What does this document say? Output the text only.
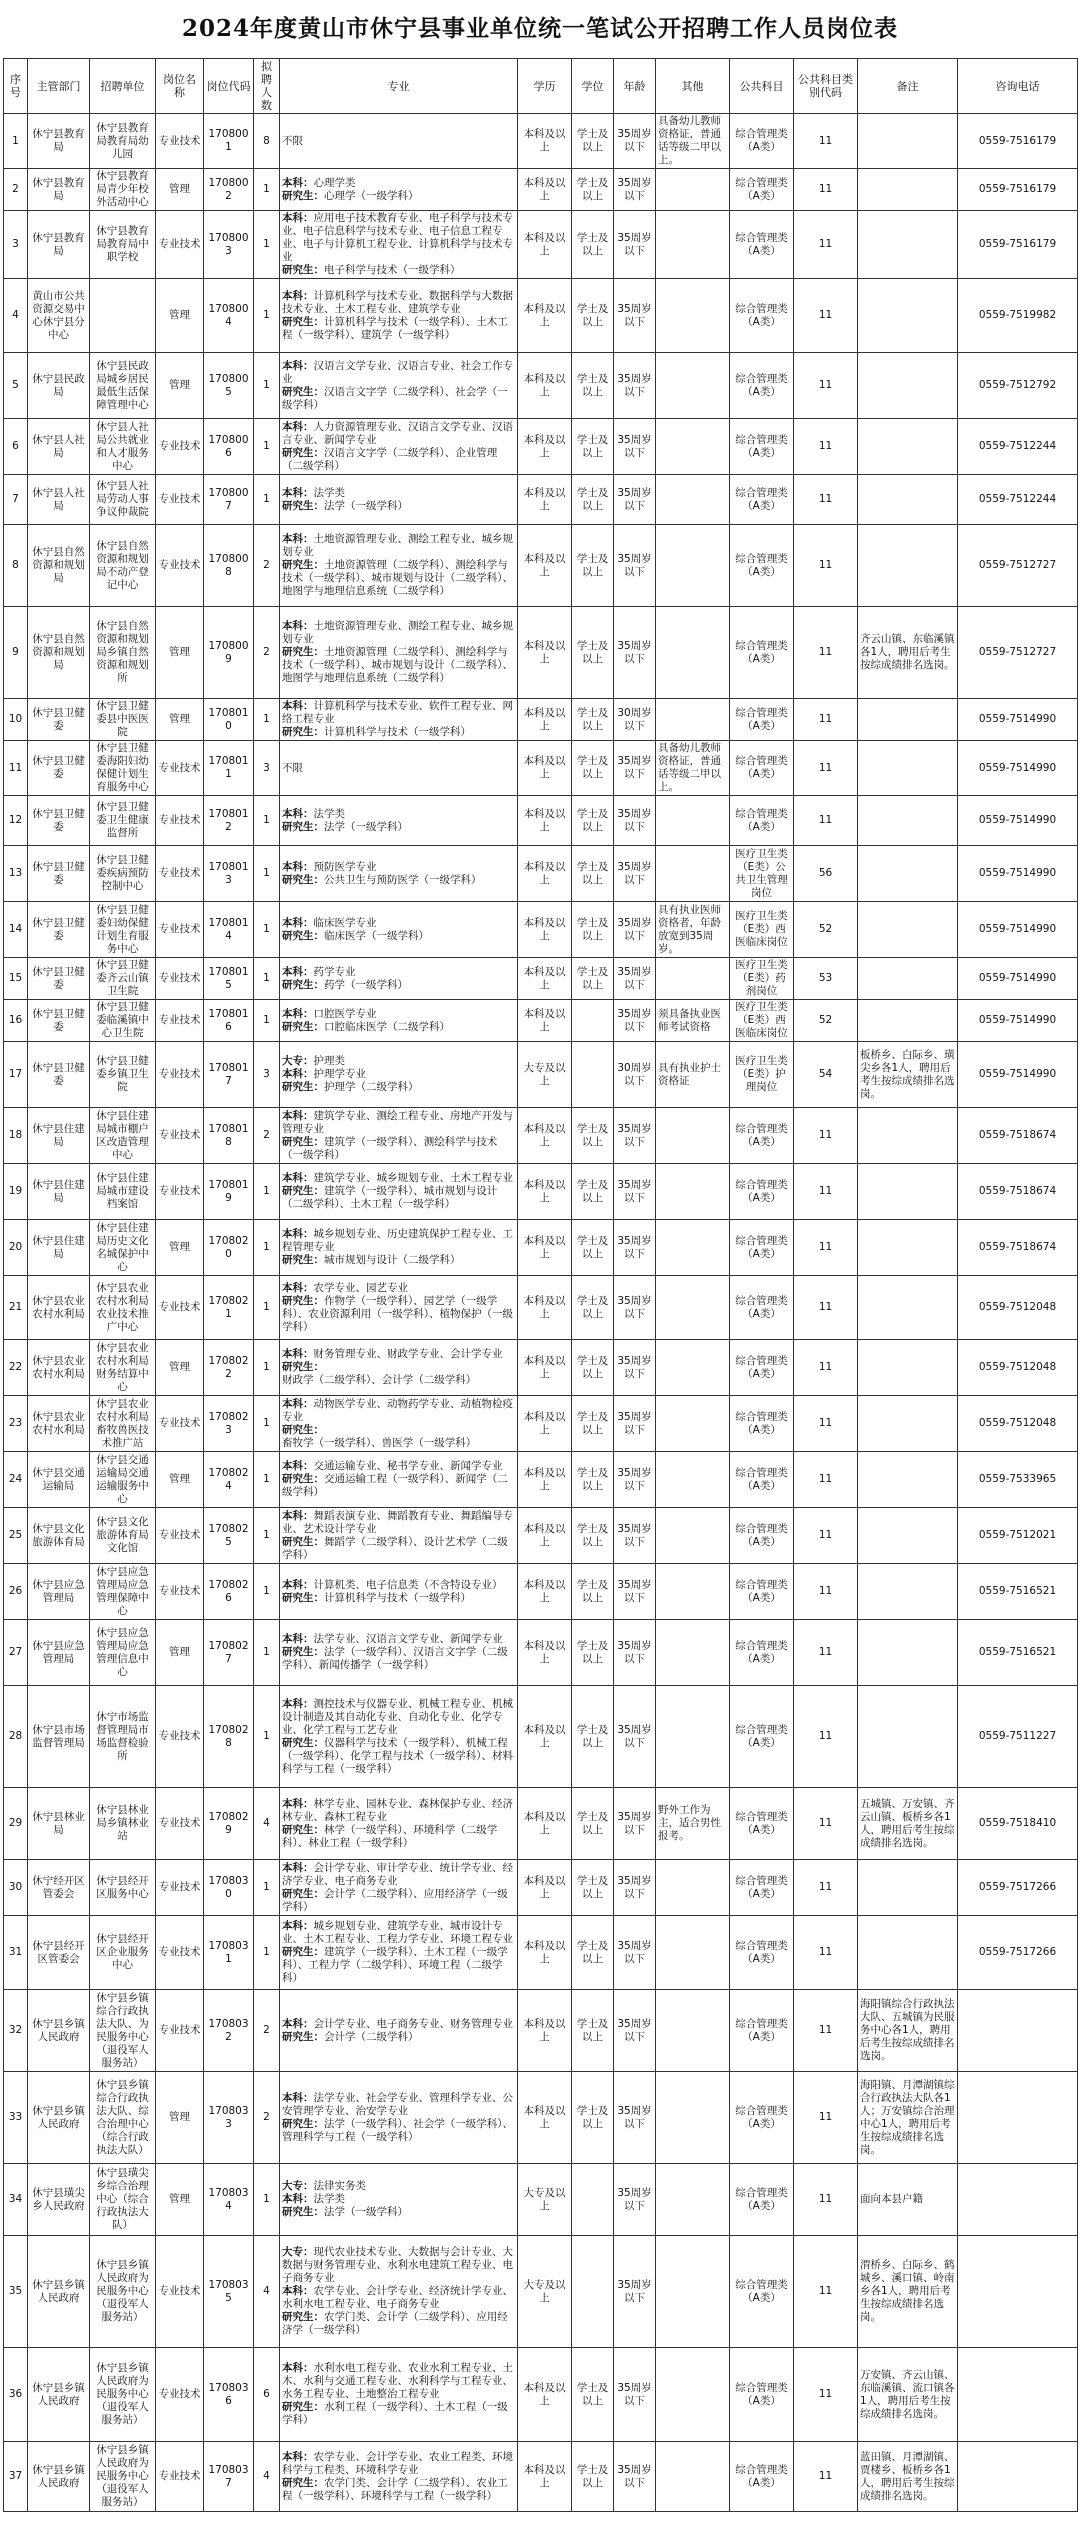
2024年度黄山市休宁县事业单位统一笔试公开招聘工作人员岗位表
序号	主管部门	招聘单位	岗位名称	岗位代码	拟聘人数	专业	学历	学位	年龄	其他	公共科目	公共科目类别代码	备注	咨询电话
1	休宁县教育局	休宁县教育局教育局幼儿园	专业技术	1708001	8	不限	本科及以上	学士及以上	35周岁以下	具备幼儿教师资格证，普通话等级二甲以上。	综合管理类（A类）	11		0559-7516179
2	休宁县教育局	休宁县教育局青少年校外活动中心	管理	1708002	1	本科：心理学类
研究生：心理学（一级学科）	本科及以上	学士及以上	35周岁以下		综合管理类（A类）	11		0559-7516179
3	休宁县教育局	休宁县教育局教育局中职学校	专业技术	1708003	1	本科：应用电子技术教育专业、电子科学与技术专业、电子信息科学与技术专业、电子信息工程专业、电子与计算机工程专业、计算机科学与技术专业
研究生：电子科学与技术（一级学科）	本科及以上	学士及以上	35周岁以下		综合管理类（A类）	11		0559-7516179
4	黄山市公共资源交易中心休宁县分中心		管理	1708004	1	本科：计算机科学与技术专业、数据科学与大数据技术专业、土木工程专业、建筑学专业
研究生：计算机科学与技术（一级学科）、土木工程（一级学科）、建筑学（一级学科）	本科及以上	学士及以上	35周岁以下		综合管理类（A类）	11		0559-7519982
5	休宁县民政局	休宁县民政局城乡居民最低生活保障管理中心	管理	1708005	1	本科：汉语言文学专业、汉语言专业、社会工作专业
研究生：汉语言文字学（二级学科）、社会学（一级学科）	本科及以上	学士及以上	35周岁以下		综合管理类（A类）	11		0559-7512792
6	休宁县人社局	休宁县人社局公共就业和人才服务中心	专业技术	1708006	1	本科：人力资源管理专业、汉语言文学专业、汉语言专业、新闻学专业
研究生：汉语言文字学（二级学科）、企业管理（二级学科）	本科及以上	学士及以上	35周岁以下		综合管理类（A类）	11		0559-7512244
7	休宁县人社局	休宁县人社局劳动人事争议仲裁院	专业技术	1708007	1	本科：法学类
研究生：法学（一级学科）	本科及以上	学士及以上	35周岁以下		综合管理类（A类）	11		0559-7512244
8	休宁县自然资源和规划局	休宁县自然资源和规划局不动产登记中心	专业技术	1708008	2	本科：土地资源管理专业、测绘工程专业、城乡规划专业
研究生：土地资源管理（二级学科）、测绘科学与技术（一级学科）、城市规划与设计（二级学科）、地图学与地理信息系统（二级学科）	本科及以上	学士及以上	35周岁以下		综合管理类（A类）	11		0559-7512727
9	休宁县自然资源和规划局	休宁县自然资源和规划局乡镇自然资源和规划所	管理	1708009	2	本科：土地资源管理专业、测绘工程专业、城乡规划专业
研究生：土地资源管理（二级学科）、测绘科学与技术（一级学科）、城市规划与设计（二级学科）、地图学与地理信息系统（二级学科）	本科及以上	学士及以上	35周岁以下		综合管理类（A类）	11	齐云山镇、东临溪镇各1人，聘用后考生按综成绩排名选岗。	0559-7512727
10	休宁县卫健委	休宁县卫健委县中医医院	管理	1708010	1	本科：计算机科学与技术专业、软件工程专业、网络工程专业
研究生：计算机科学与技术（一级学科）	本科及以上	学士及以上	30周岁以下		综合管理类（A类）	11		0559-7514990
11	休宁县卫健委	休宁县卫健委海阳妇幼保健计划生育服务中心	专业技术	1708011	3	不限	本科及以上	学士及以上	35周岁以下	具备幼儿教师资格证，普通话等级二甲以上。	综合管理类（A类）	11		0559-7514990
12	休宁县卫健委	休宁县卫健委卫生健康监督所	专业技术	1708012	1	本科：法学类
研究生：法学（一级学科）	本科及以上	学士及以上	35周岁以下		综合管理类（A类）	11		0559-7514990
13	休宁县卫健委	休宁县卫健委疾病预防控制中心	专业技术	1708013	1	本科：预防医学专业
研究生：公共卫生与预防医学（一级学科）	本科及以上	学士及以上	35周岁以下		医疗卫生类（E类）公共卫生管理岗位	56		0559-7514990
14	休宁县卫健委	休宁县卫健委妇幼保健计划生育服务中心	专业技术	1708014	1	本科：临床医学专业
研究生：临床医学（一级学科）	本科及以上	学士及以上	35周岁以下	具有执业医师资格者，年龄放宽到35周岁。	医疗卫生类（E类）西医临床岗位	52		0559-7514990
15	休宁县卫健委	休宁县卫健委齐云山镇卫生院	专业技术	1708015	1	本科：药学专业
研究生：药学（一级学科）	本科及以上	学士及以上	35周岁以下		医疗卫生类（E类）药剂岗位	53		0559-7514990
16	休宁县卫健委	休宁县卫健委临溪镇中心卫生院	专业技术	1708016	1	本科：口腔医学专业
研究生：口腔临床医学（二级学科）	本科及以上		35周岁以下	须具备执业医师考试资格	医疗卫生类（E类）西医临床岗位	52		0559-7514990
17	休宁县卫健委	休宁县卫健委乡镇卫生院	专业技术	1708017	3	大专：护理类
本科：护理学专业
研究生：护理学（二级学科）	大专及以上		30周岁以下	具有执业护士资格证	医疗卫生类（E类）护理岗位	54	板桥乡、白际乡、璜尖乡各1人，聘用后考生按综成绩排名选岗。	0559-7514990
18	休宁县住建局	休宁县住建局城市棚户区改造管理中心	专业技术	1708018	2	本科：建筑学专业、测绘工程专业、房地产开发与管理专业
研究生：建筑学（一级学科）、测绘科学与技术（一级学科）	本科及以上	学士及以上	35周岁以下		综合管理类（A类）	11		0559-7518674
19	休宁县住建局	休宁县住建局城市建设档案馆	专业技术	1708019	1	本科：建筑学专业、城乡规划专业、土木工程专业
研究生：建筑学（一级学科）、城市规划与设计（二级学科）、土木工程（一级学科）	本科及以上	学士及以上	35周岁以下		综合管理类（A类）	11		0559-7518674
20	休宁县住建局	休宁县住建局历史文化名城保护中心	管理	1708020	1	本科：城乡规划专业、历史建筑保护工程专业、工程管理专业
研究生：城市规划与设计（二级学科）	本科及以上	学士及以上	35周岁以下		综合管理类（A类）	11		0559-7518674
21	休宁县农业农村水利局	休宁县农业农村水利局农业技术推广中心	专业技术	1708021	1	本科：农学专业、园艺专业
研究生：作物学（一级学科）、园艺学（一级学科）、农业资源利用（一级学科）、植物保护（一级学科）	本科及以上	学士及以上	35周岁以下		综合管理类（A类）	11		0559-7512048
22	休宁县农业农村水利局	休宁县农业农村水利局财务结算中心	管理	1708022	1	本科：财务管理专业、财政学专业、会计学专业
研究生：财政学（二级学科）、会计学（二级学科）	本科及以上	学士及以上	35周岁以下		综合管理类（A类）	11		0559-7512048
23	休宁县农业农村水利局	休宁县农业农村水利局畜牧兽医技术推广站	专业技术	1708023	1	本科：动物医学专业、动物药学专业、动植物检疫专业
研究生：畜牧学（一级学科）、兽医学（一级学科）	本科及以上	学士及以上	35周岁以下		综合管理类（A类）	11		0559-7512048
24	休宁县交通运输局	休宁县交通运输局交通运输服务中心	管理	1708024	1	本科：交通运输专业、秘书学专业、新闻学专业
研究生：交通运输工程（一级学科）、新闻学（二级学科）	本科及以上	学士及以上	35周岁以下		综合管理类（A类）	11		0559-7533965
25	休宁县文化旅游体育局	休宁县文化旅游体育局文化馆	专业技术	1708025	1	本科：舞蹈表演专业、舞蹈教育专业、舞蹈编导专业、艺术设计学专业
研究生：舞蹈学（二级学科）、设计艺术学（二级学科）	本科及以上	学士及以上	35周岁以下		综合管理类（A类）	11		0559-7512021
26	休宁县应急管理局	休宁县应急管理局应急管理保障中心	专业技术	1708026	1	本科：计算机类、电子信息类（不含特设专业）
研究生：计算机科学与技术（一级学科）	本科及以上	学士及以上	35周岁以下		综合管理类（A类）	11		0559-7516521
27	休宁县应急管理局	休宁县应急管理局应急管理信息中心	管理	1708027	1	本科：法学专业、汉语言文学专业、新闻学专业
研究生：法学（一级学科）、汉语言文字学（二级学科）、新闻传播学（一级学科）	本科及以上	学士及以上	35周岁以下		综合管理类（A类）	11		0559-7516521
28	休宁县市场监督管理局	休宁市场监督管理局市场监督检验所	专业技术	1708028	1	本科：测控技术与仪器专业、机械工程专业、机械设计制造及其自动化专业、自动化专业、化学专业、化学工程与工艺专业
研究生：仪器科学与技术（一级学科）、机械工程（一级学科）、化学工程与技术（一级学科）、材料科学与工程（一级学科）	本科及以上	学士及以上	35周岁以下		综合管理类（A类）	11		0559-7511227
29	休宁县林业局	休宁县林业局乡镇林业站	专业技术	1708029	4	本科：林学专业、园林专业、森林保护专业、经济林专业、森林工程专业
研究生：林学（一级学科）、环境科学（二级学科）、林业工程（一级学科）	本科及以上	学士及以上	35周岁以下	野外工作为主，适合男性报考。	综合管理类（A类）	11	五城镇、万安镇、齐云山镇、板桥乡各1人，聘用后考生按综成绩排名选岗。	0559-7518410
30	休宁经开区管委会	休宁县经开区服务中心	专业技术	1708030	1	本科：会计学专业、审计学专业、统计学专业、经济学专业、电子商务专业
研究生：会计学（二级学科）、应用经济学（一级学科）	本科及以上	学士及以上	35周岁以下		综合管理类（A类）	11		0559-7517266
31	休宁县经开区管委会	休宁县经开区企业服务中心	专业技术	1708031	1	本科：城乡规划专业、建筑学专业、城市设计专业、土木工程专业、工程力学专业、环境工程专业
研究生：建筑学（一级学科）、土木工程（一级学科）、工程力学（二级学科）、环境工程（二级学科）	本科及以上	学士及以上	35周岁以下		综合管理类（A类）	11		0559-7517266
32	休宁县乡镇人民政府	休宁县乡镇综合行政执法大队、为民服务中心（退役军人服务站）	专业技术	1708032	2	本科：会计学专业、电子商务专业、财务管理专业
研究生：会计学（二级学科）	本科及以上	学士及以上	35周岁以下		综合管理类（A类）	11	海阳镇综合行政执法大队、五城镇为民服务中心各1人，聘用后考生按综成绩排名选岗。	
33	休宁县乡镇人民政府	休宁县乡镇综合行政执法大队、综合治理中心（综合行政执法大队）	管理	1708033	2	本科：法学专业、社会学专业、管理科学专业、公安管理学专业、治安学专业
研究生：法学（一级学科）、社会学（一级学科）、管理科学与工程（一级学科）	本科及以上	学士及以上	35周岁以下		综合管理类（A类）	11	海阳镇、月潭湖镇综合行政执法大队各1人；万安镇综合治理中心1人，聘用后考生按综成绩排名选岗。	
34	休宁县璜尖乡人民政府	休宁县璜尖乡综合治理中心（综合行政执法大队）	管理	1708034	1	大专：法律实务类
本科：法学类
研究生：法学（一级学科）	大专及以上		35周岁以下		综合管理类（A类）	11	面向本县户籍	
35	休宁县乡镇人民政府	休宁县乡镇人民政府为民服务中心（退役军人服务站）	专业技术	1708035	4	大专：现代农业技术专业、大数据与会计专业、大数据与财务管理专业、水利水电建筑工程专业、电子商务专业
本科：农学专业、会计学专业、经济统计学专业、水利水电工程专业、电子商务专业
研究生：农学门类、会计学（二级学科）、应用经济学（一级学科）	大专及以上		35周岁以下		综合管理类（A类）	11	渭桥乡、白际乡、鹤城乡、溪口镇、岭南乡各1人，聘用后考生按综成绩排名选岗。	
36	休宁县乡镇人民政府	休宁县乡镇人民政府为民服务中心（退役军人服务站）	专业技术	1708036	6	本科：水利水电工程专业、农业水利工程专业、土木、水利与交通工程专业、水利科学与工程专业、水务工程专业、土地整治工程专业
研究生：水利工程（一级学科）、土木工程（一级学科）	本科及以上	学士及以上	35周岁以下		综合管理类（A类）	11	万安镇、齐云山镇、东临溪镇、流口镇各1人，聘用后考生按综成绩排名选岗。	
37	休宁县乡镇人民政府	休宁县乡镇人民政府为民服务中心（退役军人服务站）	专业技术	1708037	4	本科：农学专业、会计学专业、农业工程类、环境科学与工程类、环境科学专业
研究生：农学门类、会计学（二级学科）、农业工程（一级学科）、环境科学与工程（一级学科）	本科及以上	学士及以上	35周岁以下		综合管理类（A类）	11	蓝田镇、月潭湖镇、贾楼乡、板桥乡各1人，聘用后考生按综成绩排名选岗。	
